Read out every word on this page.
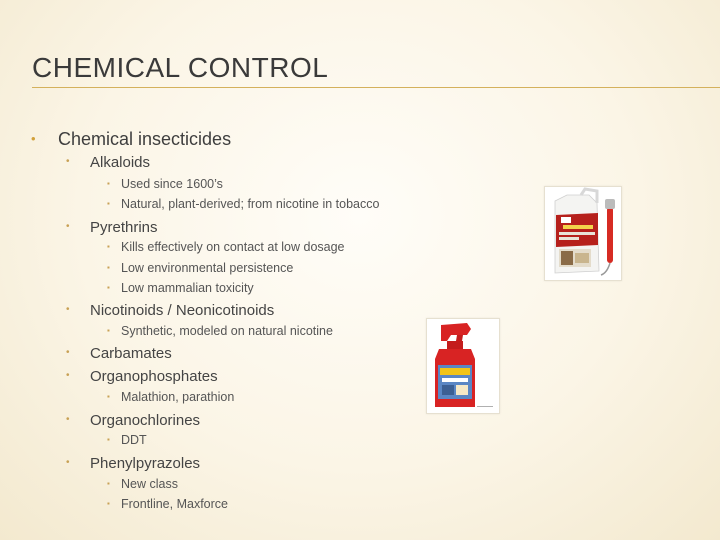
CHEMICAL CONTROL
• Chemical insecticides
• Alkaloids
▪ Used since 1600’s
▪ Natural, plant-derived; from nicotine in tobacco
• Pyrethrins
▪ Kills effectively on contact at low dosage
▪ Low environmental persistence
▪ Low mammalian toxicity
• Nicotinoids / Neonicotinoids
▪ Synthetic, modeled on natural nicotine
• Carbamates
• Organophosphates
▪ Malathion, parathion
• Organochlorines
▪ DDT
• Phenylpyrazoles
▪ New class
▪ Frontline, Maxforce
